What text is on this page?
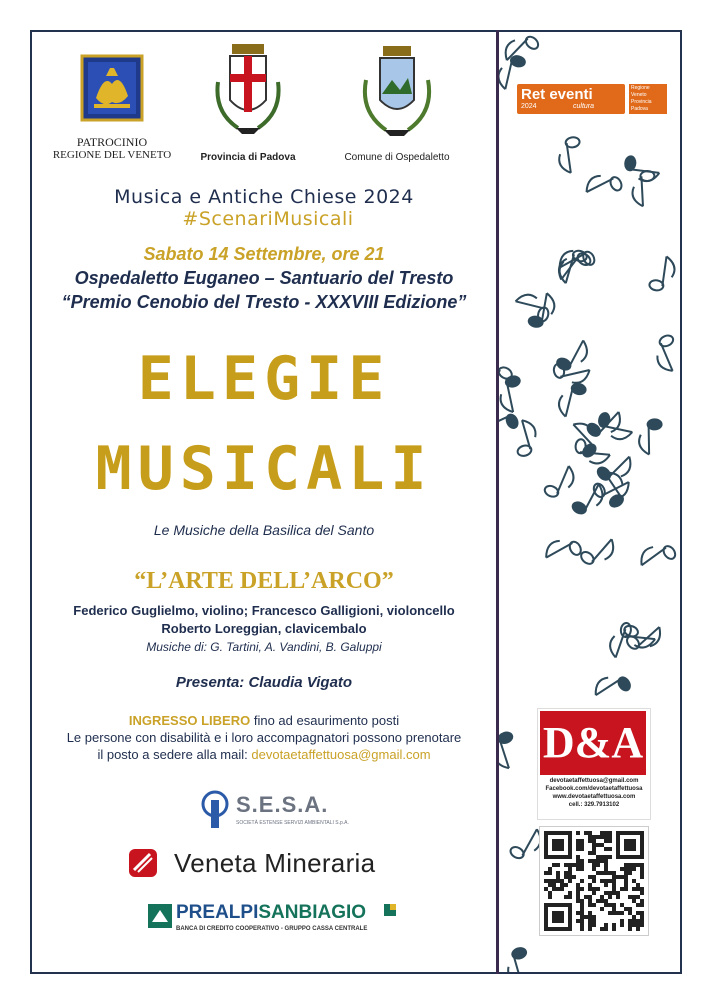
PATROCINIO
REGIONE DEL VENETO	Provincia di Padova	Comune di Ospedaletto
Musica e Antiche Chiese 2024 #ScenariMusicali
Sabato 14 Settembre, ore 21
Ospedaletto Euganeo – Santuario del Tresto
“Premio Cenobio del Tresto - XXXVIII Edizione”
ELEGIE
MUSICALI
Le Musiche della Basilica del Santo
“L’ARTE DELL’ARCO”
Federico Guglielmo, violino; Francesco Galligioni, violoncello
Roberto Loreggian, clavicembalo
Musiche di: G. Tartini, A. Vandini, B. Galuppi
Presenta: Claudia Vigato
INGRESSO LIBERO fino ad esaurimento posti
Le persone con disabilità e i loro accompagnatori possono prenotare
il posto a sedere alla mail: devotaetaffettuosa@gmail.com
S.E.S.A.
SOCIETÀ ESTENSE SERVIZI AMBIENTALI S.p.A.
Veneta Mineraria
PREALPISANBIAGIO
BANCA DI CREDITO COOPERATIVO - GRUPPO CASSA CENTRALE
Ret eventi
2024	cultura
Regione
Veneto
Provincia
Padova
D&A
devotaetaffettuosa@gmail.com
Facebook.com/devotaetaffettuosa
www.devotaetaffettuosa.com
cell.: 329.7913102
